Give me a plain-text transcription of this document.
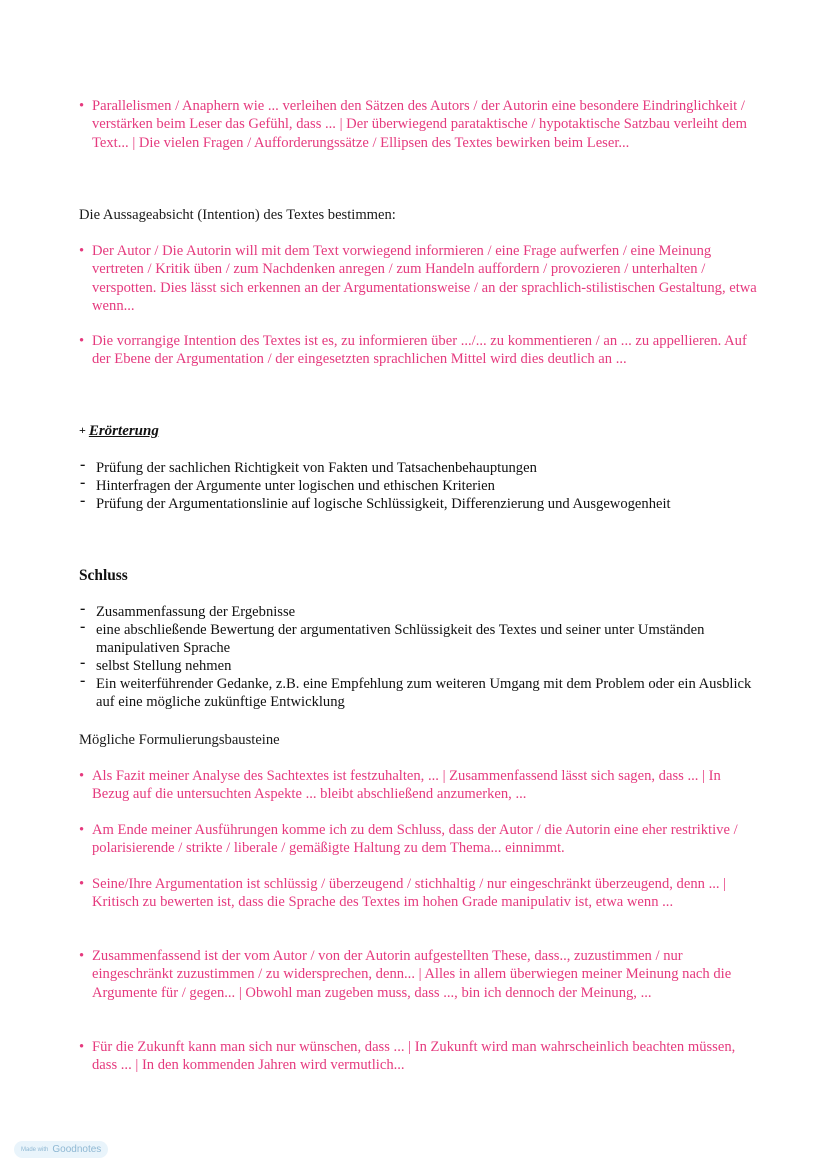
• Parallelismen / Anaphern wie ... verleihen den Sätzen des Autors / der Autorin eine besondere Eindringlichkeit / verstärken beim Leser das Gefühl, dass ... | Der überwiegend parataktische / hypotaktische Satzbau verleiht dem Text... | Die vielen Fragen / Aufforderungssätze / Ellipsen des Textes bewirken beim Leser...

Die Aussageabsicht (Intention) des Textes bestimmen:

• Der Autor / Die Autorin will mit dem Text vorwiegend informieren / eine Frage aufwerfen / eine Meinung vertreten / Kritik üben / zum Nachdenken anregen / zum Handeln auffordern / provozieren / unterhalten / verspotten. Dies lässt sich erkennen an der Argumentationsweise / an der sprachlich-stilistischen Gestaltung, etwa wenn...
• Die vorrangige Intention des Textes ist es, zu informieren über .../... zu kommentieren / an ... zu appellieren. Auf der Ebene der Argumentation / der eingesetzten sprachlichen Mittel wird dies deutlich an ...

+ Erörterung

- Prüfung der sachlichen Richtigkeit von Fakten und Tatsachenbehauptungen
- Hinterfragen der Argumente unter logischen und ethischen Kriterien
- Prüfung der Argumentationslinie auf logische Schlüssigkeit, Differenzierung und Ausgewogenheit

Schluss

- Zusammenfassung der Ergebnisse
- eine abschließende Bewertung der argumentativen Schlüssigkeit des Textes und seiner unter Umständen manipulativen Sprache
- selbst Stellung nehmen
- Ein weiterführender Gedanke, z.B. eine Empfehlung zum weiteren Umgang mit dem Problem oder ein Ausblick auf eine mögliche zukünftige Entwicklung

Mögliche Formulierungsbausteine

• Als Fazit meiner Analyse des Sachtextes ist festzuhalten, ... | Zusammenfassend lässt sich sagen, dass ... | In Bezug auf die untersuchten Aspekte ... bleibt abschließend anzumerken, ...
• Am Ende meiner Ausführungen komme ich zu dem Schluss, dass der Autor / die Autorin eine eher restriktive / polarisierende / strikte / liberale / gemäßigte Haltung zu dem Thema... einnimmt.
• Seine/Ihre Argumentation ist schlüssig / überzeugend / stichhaltig / nur eingeschränkt überzeugend, denn ... | Kritisch zu bewerten ist, dass die Sprache des Textes im hohen Grade manipulativ ist, etwa wenn ...
• Zusammenfassend ist der vom Autor / von der Autorin aufgestellten These, dass.., zuzustimmen / nur eingeschränkt zuzustimmen / zu widersprechen, denn... | Alles in allem überwiegen meiner Meinung nach die Argumente für / gegen... | Obwohl man zugeben muss, dass ..., bin ich dennoch der Meinung, ...
• Für die Zukunft kann man sich nur wünschen, dass ... | In Zukunft wird man wahrscheinlich beachten müssen, dass ... | In den kommenden Jahren wird vermutlich...
Made with Goodnotes
